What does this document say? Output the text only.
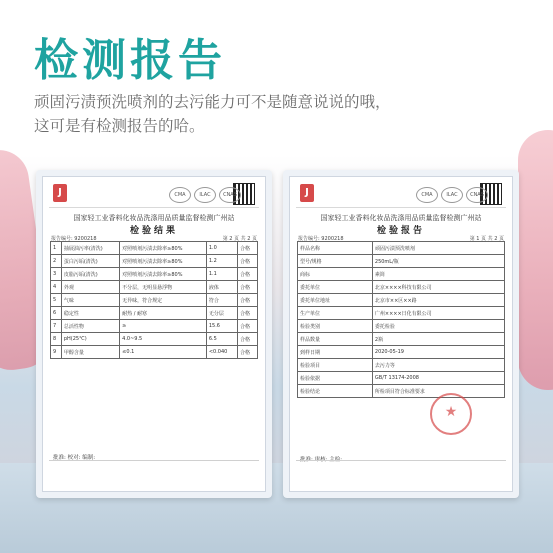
检测报告

顽固污渍预洗喷剂的去污能力可不是随意说说的哦，
这可是有检测报告的哈。

J	CMA	ILAC	CNAS
国家轻工业香料化妆品洗涤用品质量监督检测广州站
检验结果
报告编号: 9200218	第 2 页 共 2 页
1	抽展油污率(清洗)	对照喷剂污渍去除率≥80%	1.0	合格
2	蛋白污垢(清洗)	对照喷剂污渍去除率≥80%	1.2	合格
3	皮脂污垢(清洗)	对照喷剂污渍去除率≥80%	1.1	合格
4	外观	不分层，无明显悬浮物	液体	合格
5	气味	无异味，符合规定	符合	合格
6	稳定性	耐热 / 耐寒	无分层	合格
7	总活性物	≥	15.6	合格
8	pH(25℃)	4.0~9.5	6.5	合格
9	甲醇含量	≤0.1	<0.040	合格
批准: 校对: 编制:
J	CMA	ILAC	CNAS
国家轻工业香料化妆品洗涤用品质量监督检测广州站
检验报告
报告编号: 9200218	第 1 页 共 2 页
样品名称	顽固污渍预洗喷剂
型号/规格	250mL/瓶
商标	素简
委托单位	北京××××科技有限公司
委托单位地址	北京市××区××路
生产单位	广州××××日化有限公司
检验类别	委托检验
样品数量	2瓶
到样日期	2020-05-19
检验项目	去污力等
检验依据	GB/T 13174-2008
检验结论	所检项目符合标准要求
★
批准: 审核: 主检:
